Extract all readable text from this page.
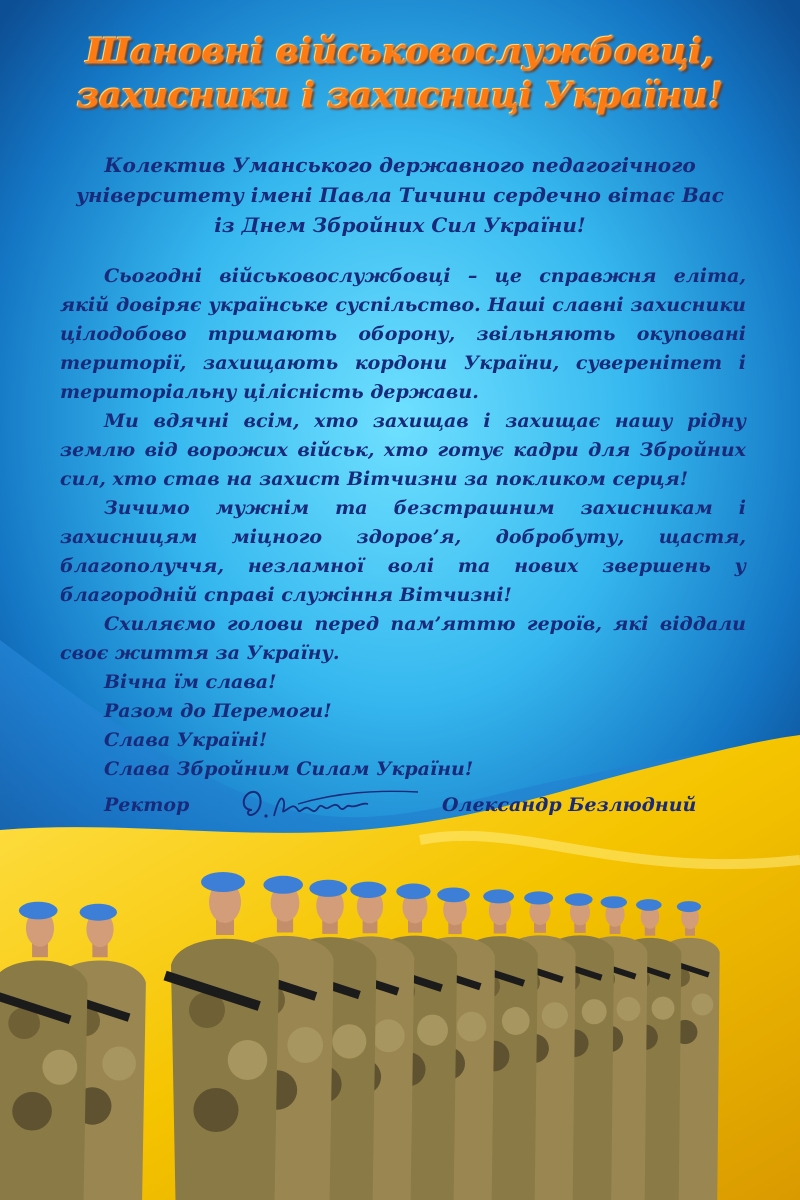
Шановні військовослужбовці,
захисники і захисниці України!
Колектив Уманського державного педагогічного
університету імені Павла Тичини сердечно вітає Вас
із Днем Збройних Сил України!

Сьогодні військовослужбовці – це справжня еліта, якій довіряє українське суспільство. Наші славні захисники цілодобово тримають оборону, звільняють окуповані території, захищають кордони України, суверенітет і територіальну цілісність держави.

Ми вдячні всім, хто захищав і захищає нашу рідну землю від ворожих військ, хто готує кадри для Збройних сил, хто став на захист Вітчизни за покликом серця!

Зичимо мужнім та безстрашним захисникам і захисницям міцного здоров’я, добробуту, щастя, благополуччя, незламної волі та нових звершень у благородній справі служіння Вітчизні!

Схиляємо голови перед пам’яттю героїв, які віддали своє життя за Україну.

Вічна їм слава!

Разом до Перемоги!

Слава Україні!

Слава Збройним Силам України!

Ректор	Олександр Безлюдний
